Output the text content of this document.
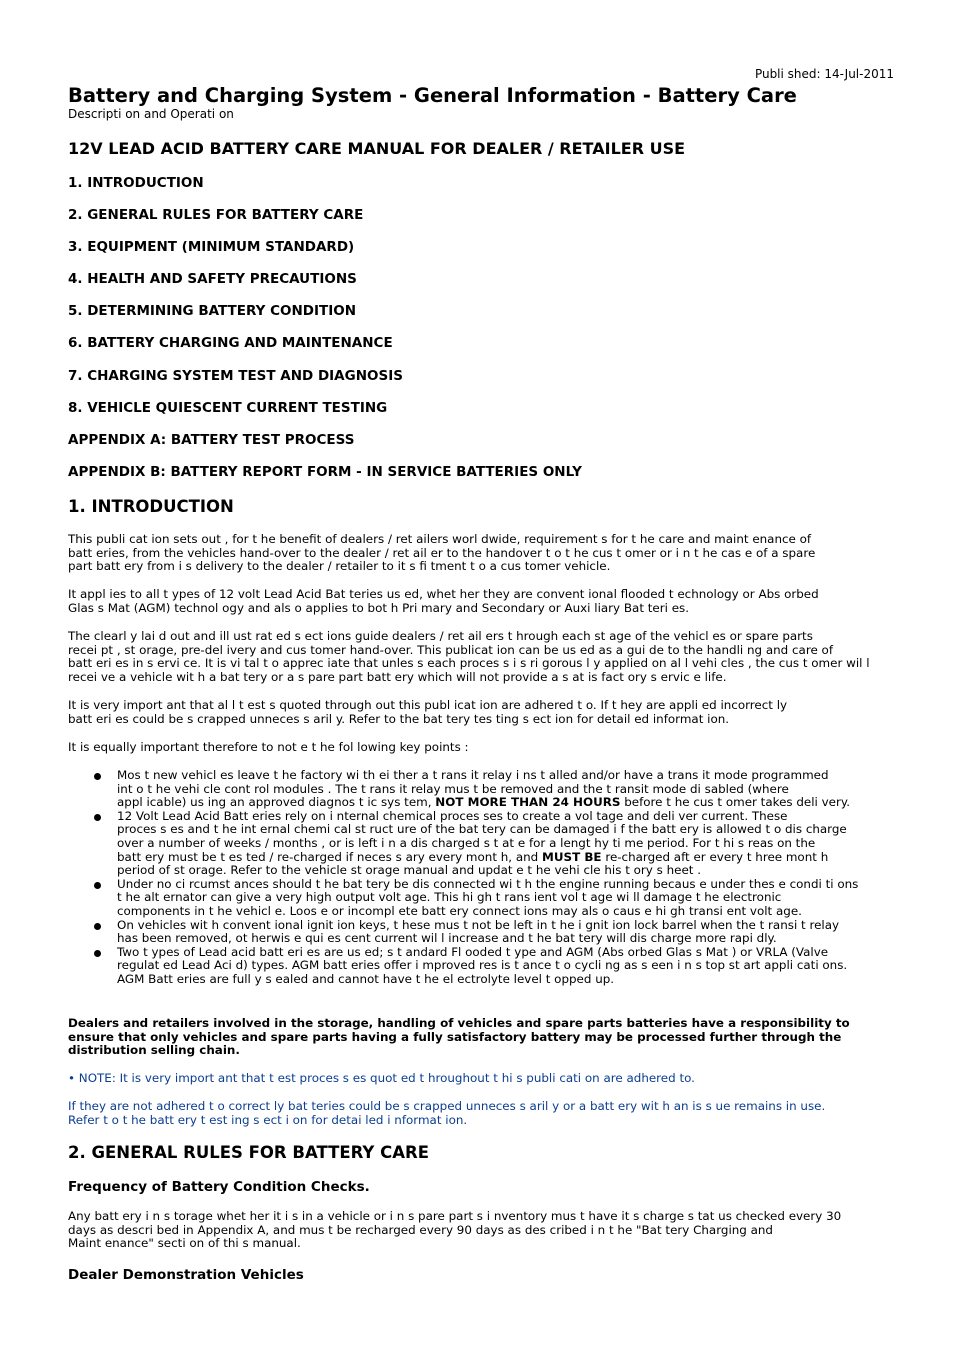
Publi shed: 14-Jul-2011
Battery and Charging System - General Information - Battery Care
Descripti on and Operati on
12V LEAD ACID BATTERY CARE MANUAL FOR DEALER / RETAILER USE
1. INTRODUCTION
2. GENERAL RULES FOR BATTERY CARE
3. EQUIPMENT (MINIMUM STANDARD)
4. HEALTH AND SAFETY PRECAUTIONS
5. DETERMINING BATTERY CONDITION
6. BATTERY CHARGING AND MAINTENANCE
7. CHARGING SYSTEM TEST AND DIAGNOSIS
8. VEHICLE QUIESCENT CURRENT TESTING
APPENDIX A: BATTERY TEST PROCESS
APPENDIX B: BATTERY REPORT FORM - IN SERVICE BATTERIES ONLY
1. INTRODUCTION
This publi cat ion sets out , for t he benefit of dealers / ret ailers worl dwide, requirement s for t he care and maint enance of
batt eries, from the vehicles hand-over to the dealer / ret ail er to the handover t o t he cus t omer or i n t he cas e of a spare
part batt ery from i s delivery to the dealer / retailer to it s fi tment t o a cus tomer vehicle.
It appl ies to all t ypes of 12 volt Lead Acid Bat teries us ed, whet her they are convent ional flooded t echnology or Abs orbed
Glas s Mat (AGM) technol ogy and als o applies to bot h Pri mary and Secondary or Auxi liary Bat teri es.
The clearl y lai d out and ill ust rat ed s ect ions guide dealers / ret ail ers t hrough each st age of the vehicl es or spare parts
recei pt , st orage, pre-del ivery and cus tomer hand-over. This publicat ion can be us ed as a gui de to the handli ng and care of
batt eri es in s ervi ce. It is vi tal t o apprec iate that unles s each proces s i s ri gorous l y applied on al l vehi cles , the cus t omer wil l
recei ve a vehicle wit h a bat tery or a s pare part batt ery which will not provide a s at is fact ory s ervic e life.
It is very import ant that al l t est s quoted through out this publ icat ion are adhered t o. If t hey are appli ed incorrect ly
batt eri es could be s crapped unneces s aril y. Refer to the bat tery tes ting s ect ion for detail ed informat ion.
It is equally important therefore to not e t he fol lowing key points :
Mos t new vehicl es leave t he factory wi th ei ther a t rans it relay i ns t alled and/or have a trans it mode programmed
int o t he vehi cle cont rol modules . The t rans it relay mus t be removed and the t ransit mode di sabled (where
appl icable) us ing an approved diagnos t ic sys tem, NOT MORE THAN 24 HOURS before t he cus t omer takes deli very.
12 Volt Lead Acid Batt eries rely on i nternal chemical proces ses to create a vol tage and deli ver current. These
proces s es and t he int ernal chemi cal st ruct ure of the bat tery can be damaged i f the batt ery is allowed t o dis charge
over a number of weeks / months , or is left i n a dis charged s t at e for a lengt hy ti me period. For t hi s reas on the
batt ery must be t es ted / re-charged if neces s ary every mont h, and MUST BE re-charged aft er every t hree mont h
period of st orage. Refer to the vehicle st orage manual and updat e t he vehi cle his t ory s heet .
Under no ci rcumst ances should t he bat tery be dis connected wi t h the engine running becaus e under thes e condi ti ons
t he alt ernator can give a very high output volt age. This hi gh t rans ient vol t age wi ll damage t he electronic
components in t he vehicl e. Loos e or incompl ete batt ery connect ions may als o caus e hi gh transi ent volt age.
On vehicles wit h convent ional ignit ion keys, t hese mus t not be left in t he i gnit ion lock barrel when the t ransi t relay
has been removed, ot herwis e qui es cent current wil l increase and t he bat tery will dis charge more rapi dly.
Two t ypes of Lead acid batt eri es are us ed; s t andard Fl ooded t ype and AGM (Abs orbed Glas s Mat ) or VRLA (Valve
regulat ed Lead Aci d) types. AGM batt eries offer i mproved res is t ance t o cycli ng as s een i n s top st art appli cati ons.
AGM Batt eries are full y s ealed and cannot have t he el ectrolyte level t opped up.
Dealers and retailers involved in the storage, handling of vehicles and spare parts batteries have a responsibility to
ensure that only vehicles and spare parts having a fully satisfactory battery may be processed further through the
distribution selling chain.
• NOTE: It is very import ant that t est proces s es quot ed t hroughout t hi s publi cati on are adhered to.
If they are not adhered t o correct ly bat teries could be s crapped unneces s aril y or a batt ery wit h an is s ue remains in use.
Refer t o t he batt ery t est ing s ect i on for detai led i nformat ion.
2. GENERAL RULES FOR BATTERY CARE
Frequency of Battery Condition Checks.
Any batt ery i n s torage whet her it i s in a vehicle or i n s pare part s i nventory mus t have it s charge s tat us checked every 30
days as descri bed in Appendix A, and mus t be recharged every 90 days as des cribed i n t he "Bat tery Charging and
Maint enance" secti on of thi s manual.
Dealer Demonstration Vehicles
